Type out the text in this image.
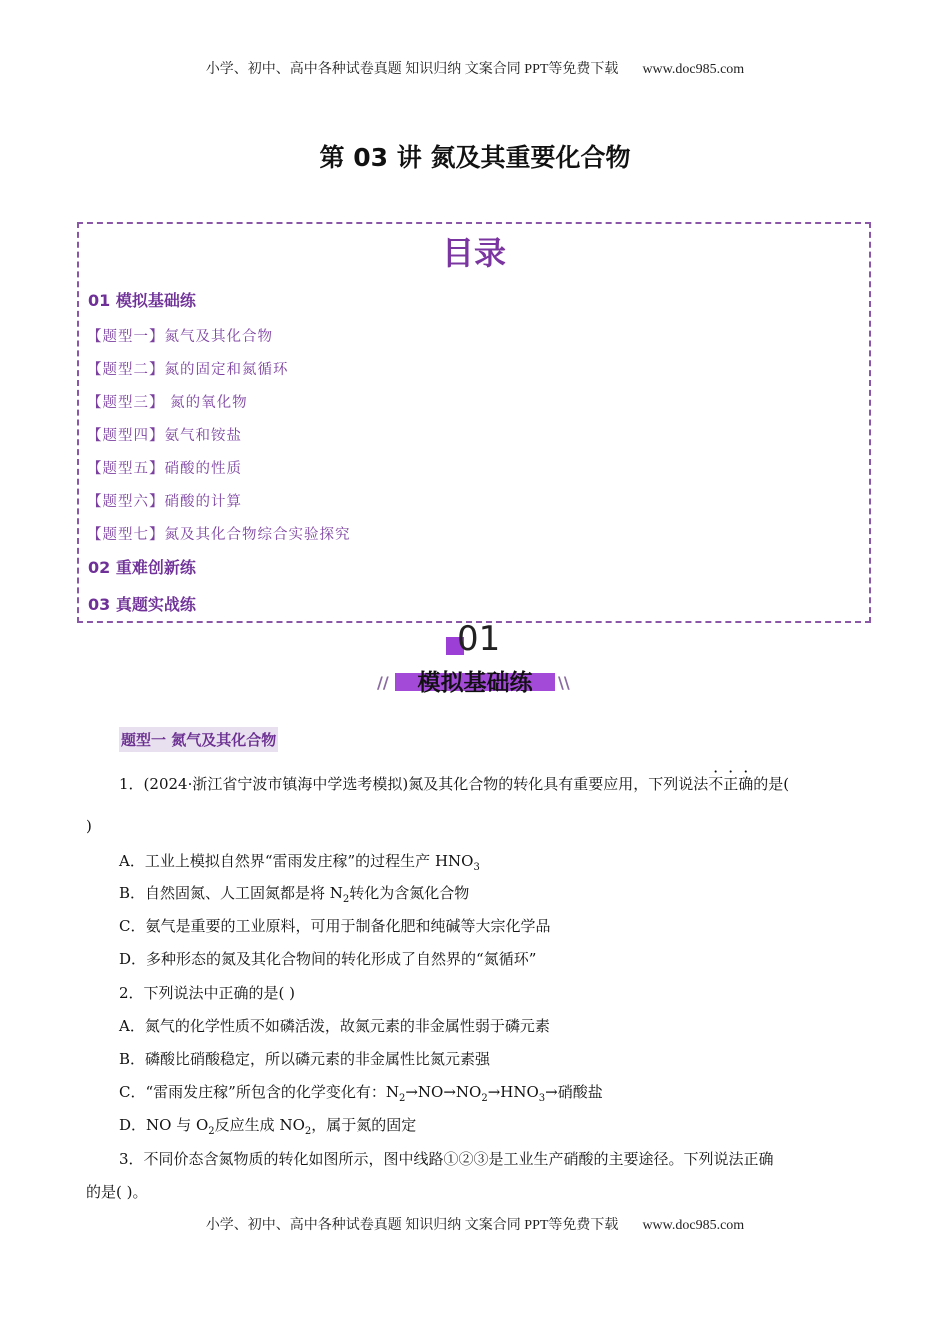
小学、初中、高中各种试卷真题 知识归纳 文案合同 PPT等免费下载 www.doc985.com
第 03 讲 氮及其重要化合物
目录
01 模拟基础练
【题型一】氮气及其化合物
【题型二】氮的固定和氮循环
【题型三】 氮的氧化物
【题型四】氨气和铵盐
【题型五】硝酸的性质
【题型六】硝酸的计算
【题型七】氮及其化合物综合实验探究
02 重难创新练
03 真题实战练
01
模拟基础练
//	\\
题型一 氮气及其化合物
1．(2024·浙江省宁波市镇海中学选考模拟)氮及其化合物的转化具有重要应用，下列说法不正确的是(
)
A．工业上模拟自然界“雷雨发庄稼”的过程生产 $HNO_3$
B．自然固氮、人工固氮都是将 $N_2$转化为含氮化合物
C．氨气是重要的工业原料，可用于制备化肥和纯碱等大宗化学品
D．多种形态的氮及其化合物间的转化形成了自然界的“氮循环”
2．下列说法中正确的是( )
A．氮气的化学性质不如磷活泼，故氮元素的非金属性弱于磷元素
B．磷酸比硝酸稳定，所以磷元素的非金属性比氮元素强
C．“雷雨发庄稼”所包含的化学变化有：$N_2\to NO\to NO_2\to HNO_3\to$硝酸盐
D．NO 与 $O_2$反应生成 $NO_2$，属于氮的固定
3．不同价态含氮物质的转化如图所示，图中线路①②③是工业生产硝酸的主要途径。下列说法正确
的是( )。
小学、初中、高中各种试卷真题 知识归纳 文案合同 PPT等免费下载 www.doc985.com
